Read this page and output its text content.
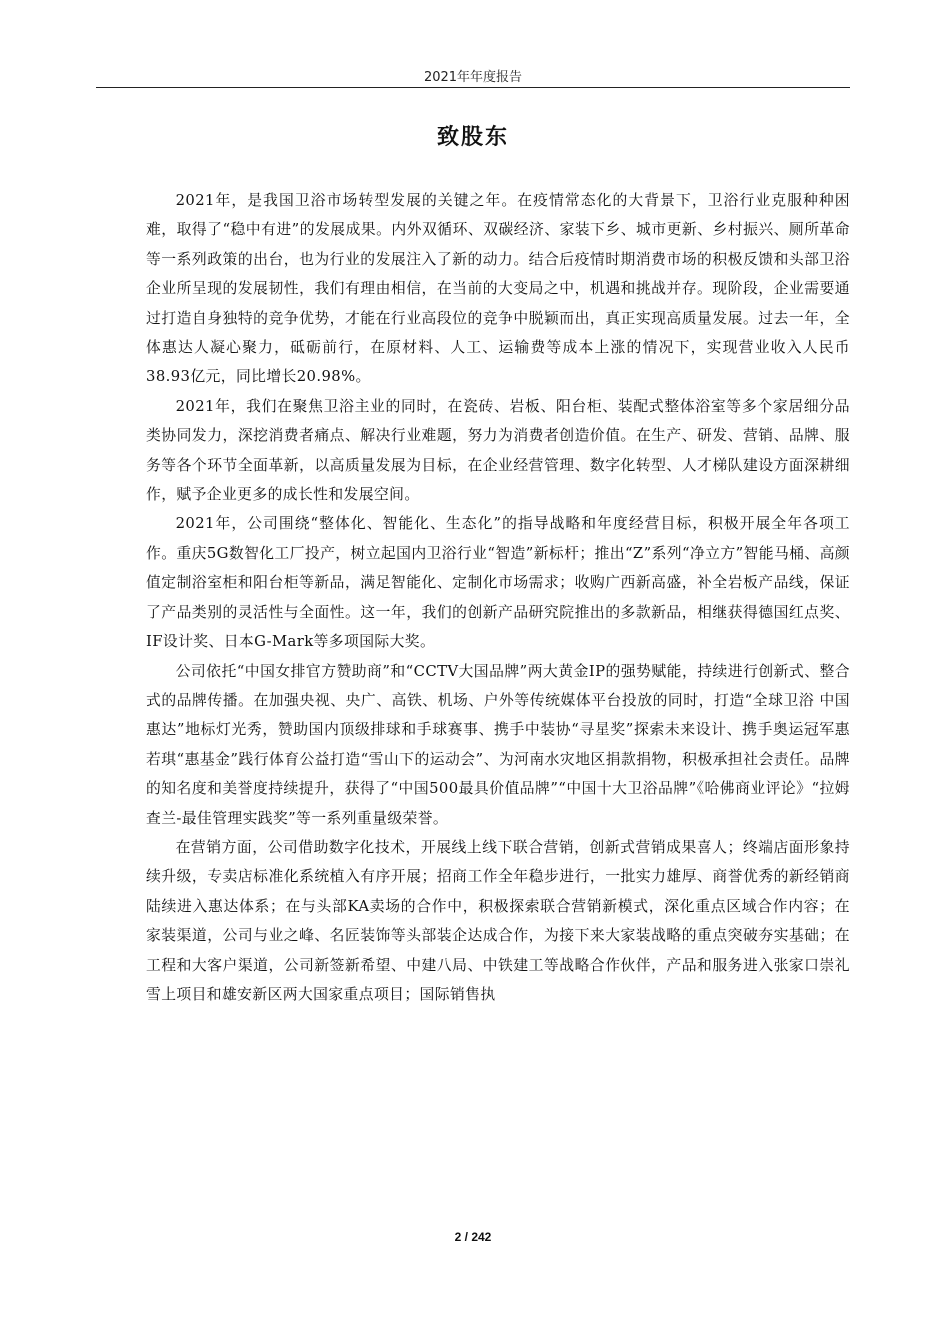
2021年年度报告
致股东

2021年，是我国卫浴市场转型发展的关键之年。在疫情常态化的大背景下，卫浴行业克服种种困难，取得了“稳中有进”的发展成果。内外双循环、双碳经济、家装下乡、城市更新、乡村振兴、厕所革命等一系列政策的出台，也为行业的发展注入了新的动力。结合后疫情时期消费市场的积极反馈和头部卫浴企业所呈现的发展韧性，我们有理由相信，在当前的大变局之中，机遇和挑战并存。现阶段，企业需要通过打造自身独特的竞争优势，才能在行业高段位的竞争中脱颖而出，真正实现高质量发展。过去一年，全体惠达人凝心聚力，砥砺前行，在原材料、人工、运输费等成本上涨的情况下，实现营业收入人民币38.93亿元，同比增长20.98%。

2021年，我们在聚焦卫浴主业的同时，在瓷砖、岩板、阳台柜、装配式整体浴室等多个家居细分品类协同发力，深挖消费者痛点、解决行业难题，努力为消费者创造价值。在生产、研发、营销、品牌、服务等各个环节全面革新，以高质量发展为目标，在企业经营管理、数字化转型、人才梯队建设方面深耕细作，赋予企业更多的成长性和发展空间。

2021年，公司围绕“整体化、智能化、生态化”的指导战略和年度经营目标，积极开展全年各项工作。重庆5G数智化工厂投产，树立起国内卫浴行业“智造”新标杆；推出“Z”系列“净立方”智能马桶、高颜值定制浴室柜和阳台柜等新品，满足智能化、定制化市场需求；收购广西新高盛，补全岩板产品线，保证了产品类别的灵活性与全面性。这一年，我们的创新产品研究院推出的多款新品，相继获得德国红点奖、IF设计奖、日本G-Mark等多项国际大奖。

公司依托“中国女排官方赞助商”和“CCTV大国品牌”两大黄金IP的强势赋能，持续进行创新式、整合式的品牌传播。在加强央视、央广、高铁、机场、户外等传统媒体平台投放的同时，打造“全球卫浴 中国惠达”地标灯光秀，赞助国内顶级排球和手球赛事、携手中装协“寻星奖”探索未来设计、携手奥运冠军惠若琪“惠基金”践行体育公益打造“雪山下的运动会”、为河南水灾地区捐款捐物，积极承担社会责任。品牌的知名度和美誉度持续提升，获得了“中国500最具价值品牌”“中国十大卫浴品牌”《哈佛商业评论》“拉姆查兰-最佳管理实践奖”等一系列重量级荣誉。

在营销方面，公司借助数字化技术，开展线上线下联合营销，创新式营销成果喜人；终端店面形象持续升级，专卖店标准化系统植入有序开展；招商工作全年稳步进行，一批实力雄厚、商誉优秀的新经销商陆续进入惠达体系；在与头部KA卖场的合作中，积极探索联合营销新模式，深化重点区域合作内容；在家装渠道，公司与业之峰、名匠装饰等头部装企达成合作，为接下来大家装战略的重点突破夯实基础；在工程和大客户渠道，公司新签新希望、中建八局、中铁建工等战略合作伙伴，产品和服务进入张家口崇礼雪上项目和雄安新区两大国家重点项目；国际销售执

2 / 242
